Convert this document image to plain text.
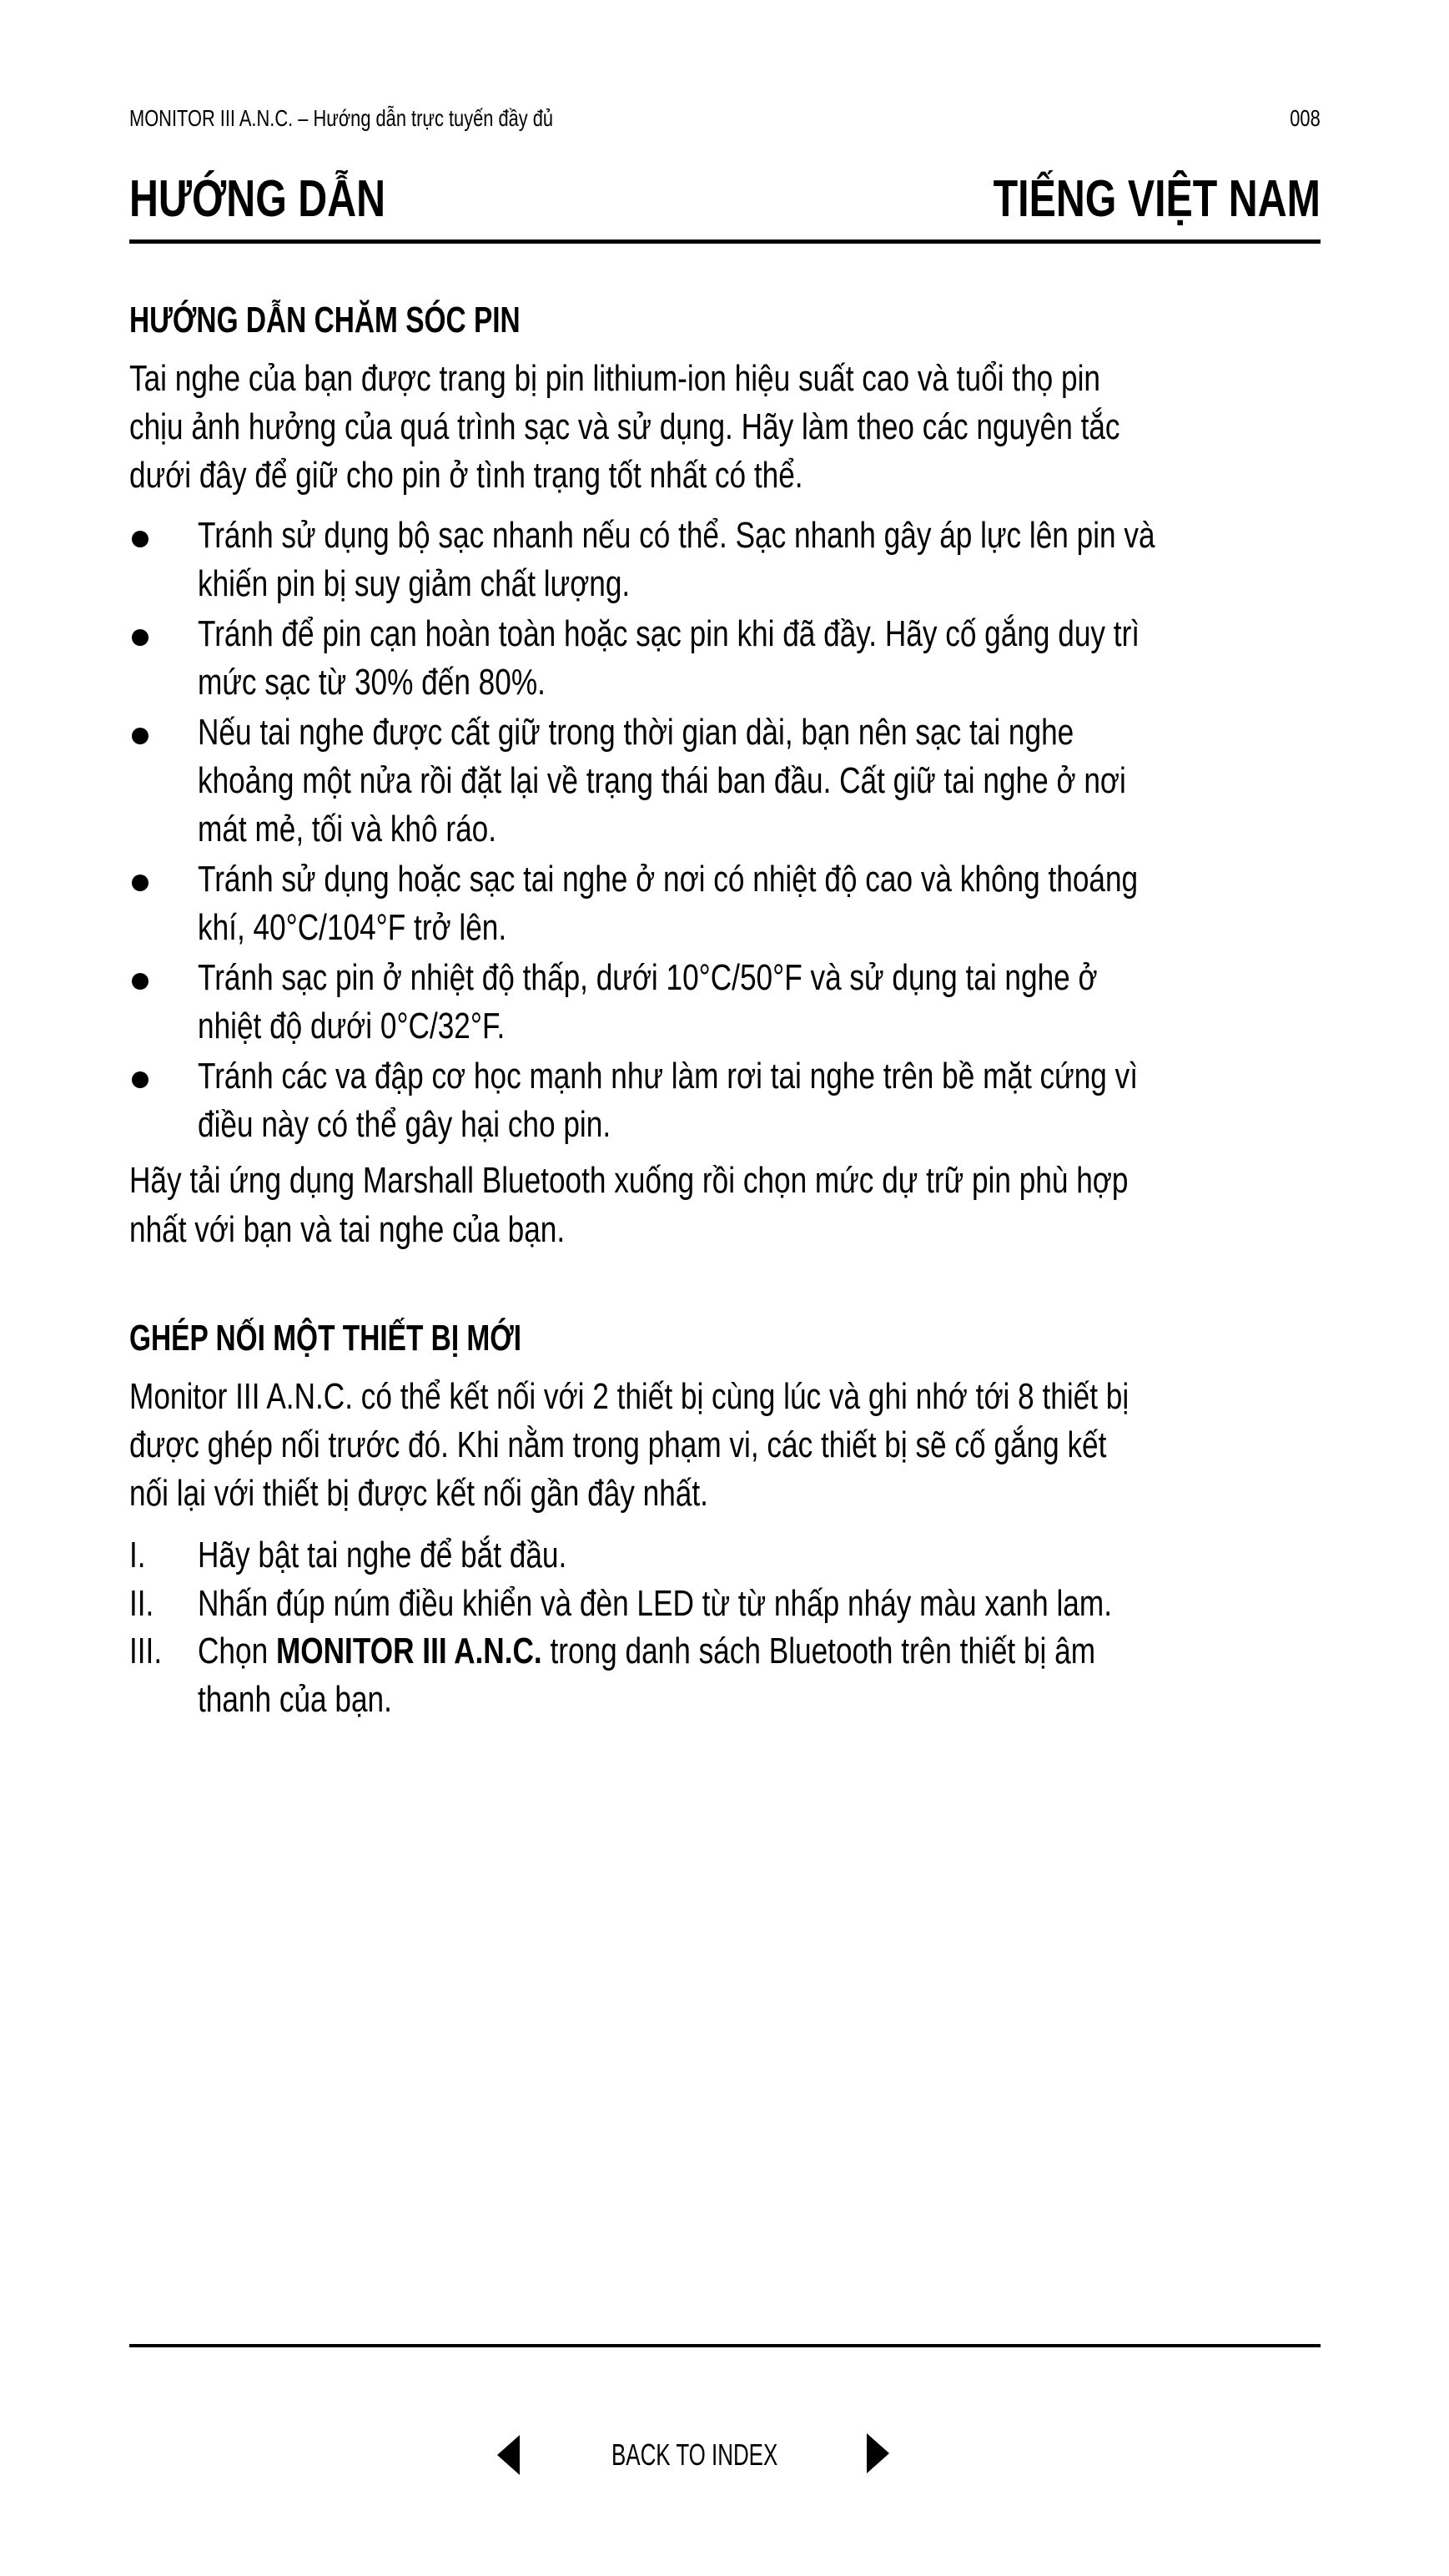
MONITOR III A.N.C. – Hướng dẫn trực tuyến đầy đủ	008
HƯỚNG DẪN	TIẾNG VIỆT NAM
HƯỚNG DẪN CHĂM SÓC PIN
Tai nghe của bạn được trang bị pin lithium-ion hiệu suất cao và tuổi thọ pin
chịu ảnh hưởng của quá trình sạc và sử dụng. Hãy làm theo các nguyên tắc
dưới đây để giữ cho pin ở tình trạng tốt nhất có thể.
Tránh sử dụng bộ sạc nhanh nếu có thể. Sạc nhanh gây áp lực lên pin và
khiến pin bị suy giảm chất lượng.
Tránh để pin cạn hoàn toàn hoặc sạc pin khi đã đầy. Hãy cố gắng duy trì
mức sạc từ 30% đến 80%.
Nếu tai nghe được cất giữ trong thời gian dài, bạn nên sạc tai nghe
khoảng một nửa rồi đặt lại về trạng thái ban đầu. Cất giữ tai nghe ở nơi
mát mẻ, tối và khô ráo.
Tránh sử dụng hoặc sạc tai nghe ở nơi có nhiệt độ cao và không thoáng
khí, 40°C/104°F trở lên.
Tránh sạc pin ở nhiệt độ thấp, dưới 10°C/50°F và sử dụng tai nghe ở
nhiệt độ dưới 0°C/32°F.
Tránh các va đập cơ học mạnh như làm rơi tai nghe trên bề mặt cứng vì
điều này có thể gây hại cho pin.
Hãy tải ứng dụng Marshall Bluetooth xuống rồi chọn mức dự trữ pin phù hợp
nhất với bạn và tai nghe của bạn.
GHÉP NỐI MỘT THIẾT BỊ MỚI
Monitor III A.N.C. có thể kết nối với 2 thiết bị cùng lúc và ghi nhớ tới 8 thiết bị
được ghép nối trước đó. Khi nằm trong phạm vi, các thiết bị sẽ cố gắng kết
nối lại với thiết bị được kết nối gần đây nhất.
I. Hãy bật tai nghe để bắt đầu.
II. Nhấn đúp núm điều khiển và đèn LED từ từ nhấp nháy màu xanh lam.
III. Chọn MONITOR III A.N.C. trong danh sách Bluetooth trên thiết bị âm
thanh của bạn.
BACK TO INDEX
